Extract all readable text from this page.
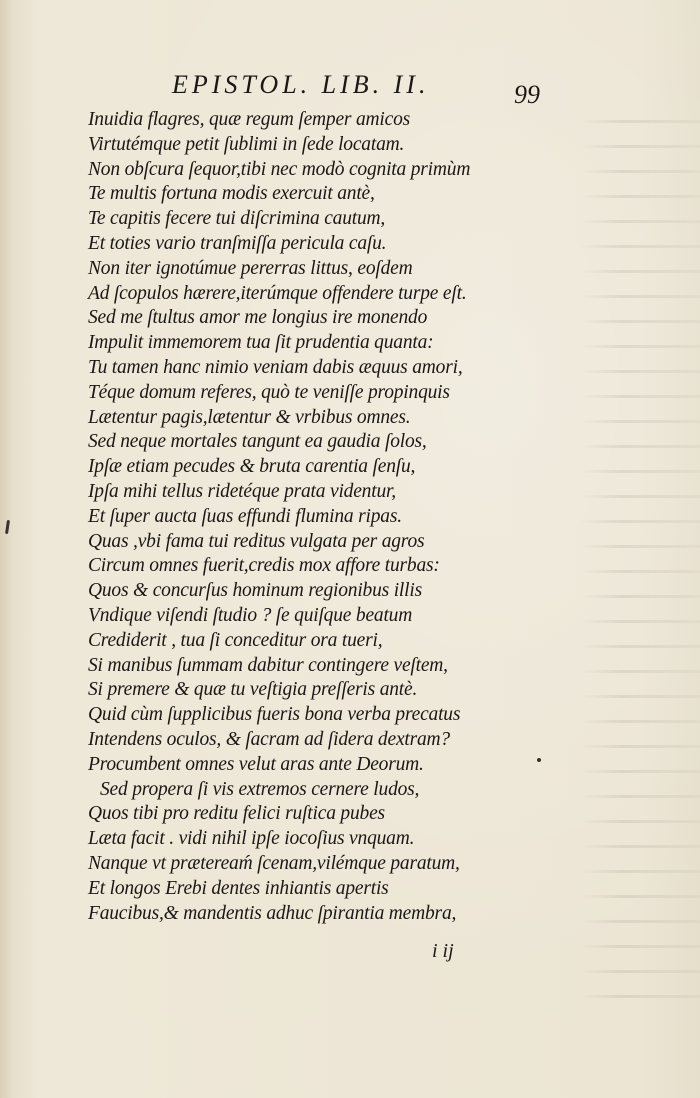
EPISTOL. LIB. II.	99
Inuidia flagres, quæ regum ſemper amicos
Virtutémque petit ſublimi in ſede locatam.
Non obſcura ſequor,tibi nec modò cognita primùm
Te multis fortuna modis exercuit antè,
Te capitis fecere tui diſcrimina cautum,
Et toties vario tranſmiſſa pericula caſu.
Non iter ignotúmue pererras littus, eoſdem
Ad ſcopulos hærere,iterúmque offendere turpe eſt.
Sed me ſtultus amor me longius ire monendo
Impulit immemorem tua ſit prudentia quanta:
Tu tamen hanc nimio veniam dabis æquus amori,
Téque domum referes, quò te veniſſe propinquis
Lætentur pagis,lætentur & vrbibus omnes.
Sed neque mortales tangunt ea gaudia ſolos,
Ipſæ etiam pecudes & bruta carentia ſenſu,
Ipſa mihi tellus ridetéque prata videntur,
Et ſuper aucta ſuas effundi flumina ripas.
Quas ,vbi fama tui reditus vulgata per agros
Circum omnes fuerit,credis mox affore turbas:
Quos & concurſus hominum regionibus illis
Vndique viſendi ſtudio ? ſe quiſque beatum
Crediderit , tua ſi conceditur ora tueri,
Si manibus ſummam dabitur contingere veſtem,
Si premere & quæ tu veſtigia preſſeris antè.
Quid cùm ſupplicibus fueris bona verba precatus
Intendens oculos, & ſacram ad ſidera dextram?
Procumbent omnes velut aras ante Deorum.
Sed propera ſi vis extremos cernere ludos,
Quos tibi pro reditu felici ruſtica pubes
Læta facit . vidi nihil ipſe iocoſius vnquam.
Nanque vt prætereaḿ ſcenam,vilémque paratum,
Et longos Erebi dentes inhiantis apertis
Faucibus,& mandentis adhuc ſpirantia membra,
i ij
